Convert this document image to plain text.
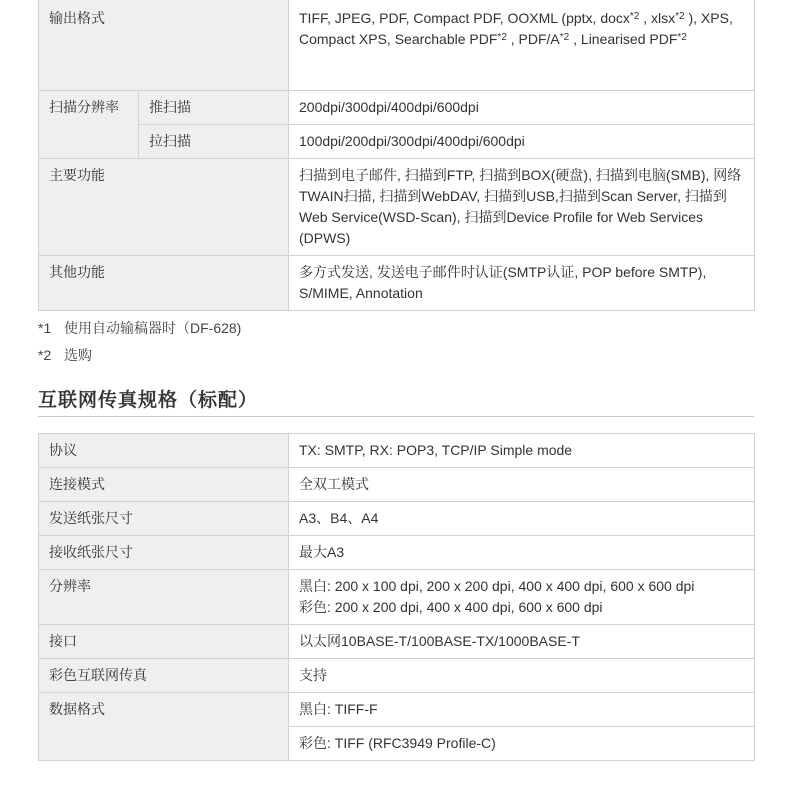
输出格式		TIFF, JPEG, PDF, Compact PDF, OOXML (pptx, docx$^{*2}$ , xlsx$^{*2}$ ), XPS, Compact XPS, Searchable PDF$^{*2}$ , PDF/$A^{*2}$ , Linearised PDF$^{*2}$
扫描分辨率	推扫描	200dpi/300dpi/400dpi/600dpi
	拉扫描	100dpi/200dpi/300dpi/400dpi/600dpi
主要功能		扫描到电子邮件, 扫描到FTP, 扫描到BOX(硬盘), 扫描到电脑(SMB), 网络TWAIN扫描, 扫描到WebDAV, 扫描到USB,扫描到Scan Server, 扫描到Web Service(WSD-Scan), 扫描到Device Profile for Web Services (DPWS)
其他功能		多方式发送, 发送电子邮件时认证(SMTP认证, POP before SMTP), S/MIME, Annotation
*1 使用自动输稿器时（DF-628)
*2 选购
互联网传真规格（标配）
协议	TX: SMTP, RX: POP3, TCP/IP Simple mode
连接模式	全双工模式
发送纸张尺寸	A3、B4、A4
接收纸张尺寸	最大A3
分辨率	黑白: 200 x 100 dpi, 200 x 200 dpi, 400 x 400 dpi, 600 x 600 dpi
彩色: 200 x 200 dpi, 400 x 400 dpi, 600 x 600 dpi

接口	以太网10BASE-T/100BASE-TX/1000BASE-T
彩色互联网传真	支持
数据格式	黑白: TIFF-F
	彩色: TIFF (RFC3949 Profile-C)
